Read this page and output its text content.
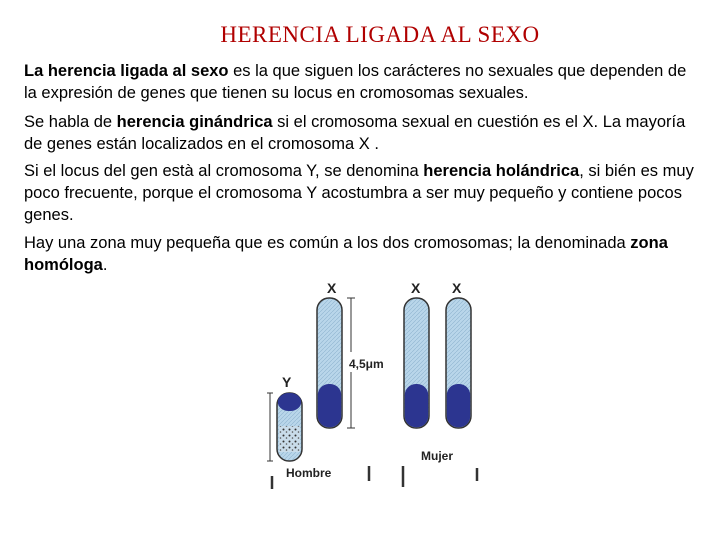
HERENCIA LIGADA AL SEXO
La herencia ligada al sexo es la que siguen los carácteres no sexuales que dependen de la expresión de genes que tienen su locus en cromosomas sexuales.
Se habla de herencia ginándrica si el cromosoma sexual en cuestión es el X. La mayoría de genes están localizados en el cromosoma X .
Si el locus del gen està al cromosoma Y, se denomina herencia holándrica, si bién es muy poco frecuente, porque el cromosoma Y acostumbra a ser muy pequeño y contiene pocos genes.
Hay una zona muy pequeña que es común a los dos cromosomas; la denominada zona homóloga.
X
Y
X X
4,5μm
Hombre
Mujer
